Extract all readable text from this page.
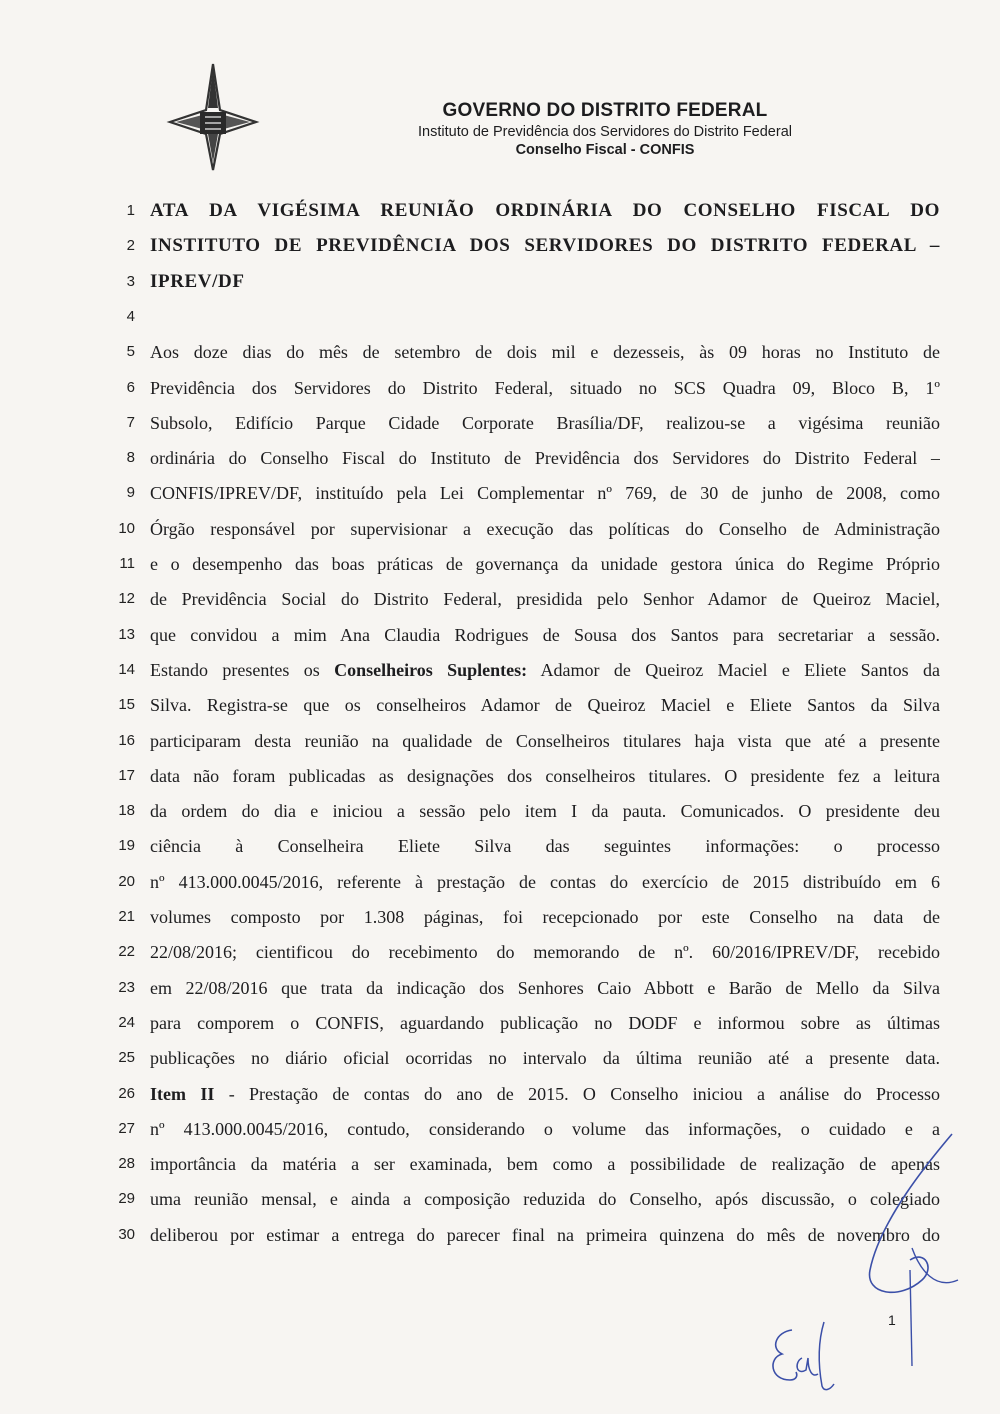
GOVERNO DO DISTRITO FEDERAL
Instituto de Previdência dos Servidores do Distrito Federal
Conselho Fiscal - CONFIS
1 ATA DA VIGÉSIMA REUNIÃO ORDINÁRIA DO CONSELHO FISCAL DO
2 INSTITUTO DE PREVIDÊNCIA DOS SERVIDORES DO DISTRITO FEDERAL –
3 IPREV/DF
4
5 Aos doze dias do mês de setembro de dois mil e dezesseis, às 09 horas no Instituto de
6 Previdência dos Servidores do Distrito Federal, situado no SCS Quadra 09, Bloco B, 1º
7 Subsolo, Edifício Parque Cidade Corporate Brasília/DF, realizou-se a vigésima reunião
8 ordinária do Conselho Fiscal do Instituto de Previdência dos Servidores do Distrito Federal –
9 CONFIS/IPREV/DF, instituído pela Lei Complementar nº 769, de 30 de junho de 2008, como
10 Órgão responsável por supervisionar a execução das políticas do Conselho de Administração
11 e o desempenho das boas práticas de governança da unidade gestora única do Regime Próprio
12 de Previdência Social do Distrito Federal, presidida pelo Senhor Adamor de Queiroz Maciel,
13 que convidou a mim Ana Claudia Rodrigues de Sousa dos Santos para secretariar a sessão.
14 Estando presentes os Conselheiros Suplentes: Adamor de Queiroz Maciel e Eliete Santos da
15 Silva. Registra-se que os conselheiros Adamor de Queiroz Maciel e Eliete Santos da Silva
16 participaram desta reunião na qualidade de Conselheiros titulares haja vista que até a presente
17 data não foram publicadas as designações dos conselheiros titulares. O presidente fez a leitura
18 da ordem do dia e iniciou a sessão pelo item I da pauta. Comunicados. O presidente deu
19 ciência à Conselheira Eliete Silva das seguintes informações: o processo
20 nº 413.000.0045/2016, referente à prestação de contas do exercício de 2015 distribuído em 6
21 volumes composto por 1.308 páginas, foi recepcionado por este Conselho na data de
22 22/08/2016; cientificou do recebimento do memorando de nº. 60/2016/IPREV/DF, recebido
23 em 22/08/2016 que trata da indicação dos Senhores Caio Abbott e Barão de Mello da Silva
24 para comporem o CONFIS, aguardando publicação no DODF e informou sobre as últimas
25 publicações no diário oficial ocorridas no intervalo da última reunião até a presente data.
26 Item II - Prestação de contas do ano de 2015. O Conselho iniciou a análise do Processo
27 nº 413.000.0045/2016, contudo, considerando o volume das informações, o cuidado e a
28 importância da matéria a ser examinada, bem como a possibilidade de realização de apenas
29 uma reunião mensal, e ainda a composição reduzida do Conselho, após discussão, o colegiado
30 deliberou por estimar a entrega do parecer final na primeira quinzena do mês de novembro do
1
